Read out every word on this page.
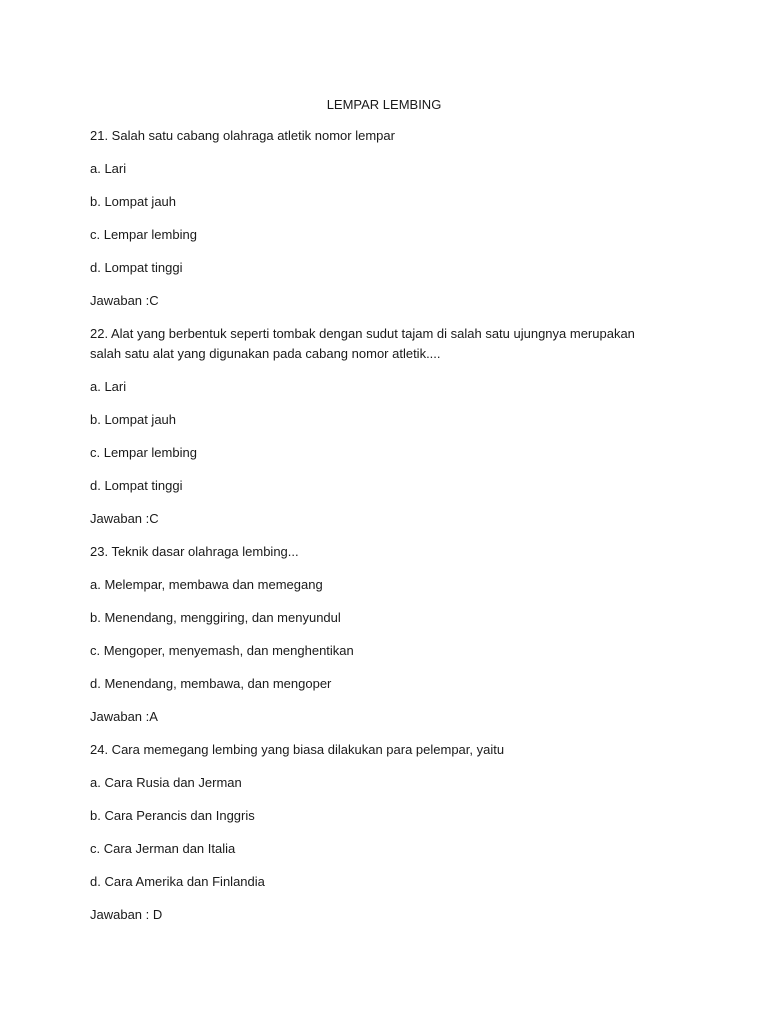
LEMPAR LEMBING
21. Salah satu cabang olahraga atletik nomor lempar
a. Lari
b. Lompat jauh
c. Lempar lembing
d. Lompat tinggi
Jawaban :C
22. Alat yang berbentuk seperti tombak dengan sudut tajam di salah satu ujungnya merupakan salah satu alat yang digunakan pada cabang nomor atletik....
a. Lari
b. Lompat jauh
c. Lempar lembing
d. Lompat tinggi
Jawaban :C
23. Teknik dasar olahraga lembing...
a. Melempar, membawa dan memegang
b. Menendang, menggiring, dan menyundul
c. Mengoper, menyemash, dan menghentikan
d. Menendang, membawa, dan mengoper
Jawaban :A
24. Cara memegang lembing yang biasa dilakukan para pelempar, yaitu
a. Cara Rusia dan Jerman
b. Cara Perancis dan Inggris
c. Cara Jerman dan Italia
d. Cara Amerika dan Finlandia
Jawaban : D
